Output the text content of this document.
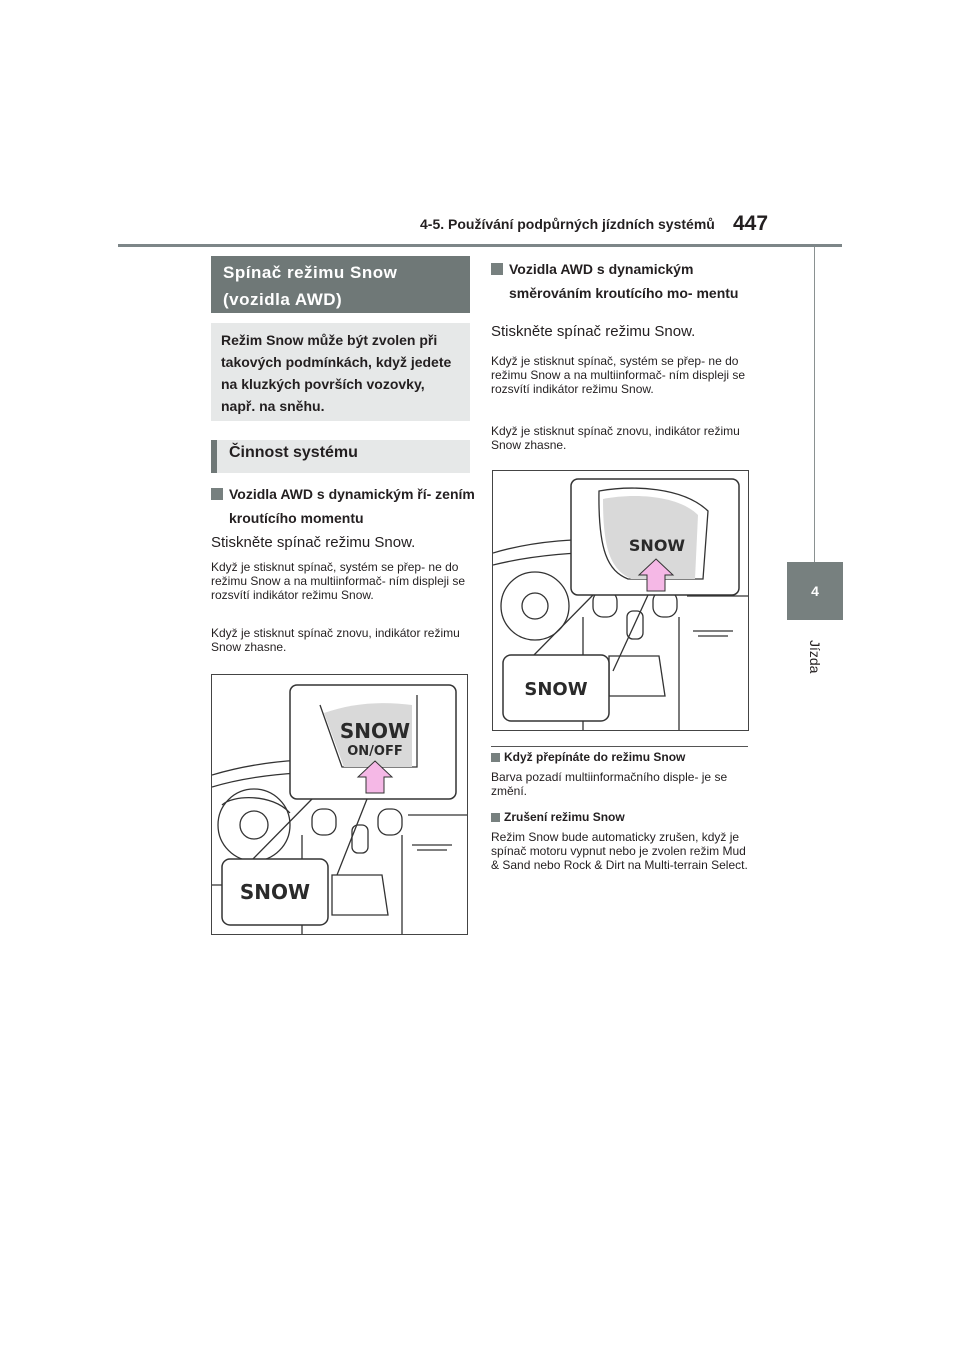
4-5. Používání podpůrných jízdních systémů 447
4
Jízda
Spínač režimu Snow (vozidla AWD)
Režim Snow může být zvolen při takových podmínkách, když jedete na kluzkých površích vozovky, např. na sněhu.
Činnost systému
Vozidla AWD s dynamickým ří- zením kroutícího momentu
Stiskněte spínač režimu Snow.
Když je stisknut spínač, systém se přep- ne do režimu Snow a na multiinformač- ním displeji se rozsvítí indikátor režimu Snow.
Když je stisknut spínač znovu, indikátor režimu Snow zhasne.
SNOW
ON/OFF
SNOW
Vozidla AWD s dynamickým směrováním kroutícího mo- mentu
Stiskněte spínač režimu Snow.
Když je stisknut spínač, systém se přep- ne do režimu Snow a na multiinformač- ním displeji se rozsvítí indikátor režimu Snow.
Když je stisknut spínač znovu, indikátor režimu Snow zhasne.
SNOW
SNOW
Když přepínáte do režimu Snow
Barva pozadí multiinformačního disple- je se změní.
Zrušení režimu Snow
Režim Snow bude automaticky zrušen, když je spínač motoru vypnut nebo je zvolen režim Mud & Sand nebo Rock & Dirt na Multi-terrain Select.
